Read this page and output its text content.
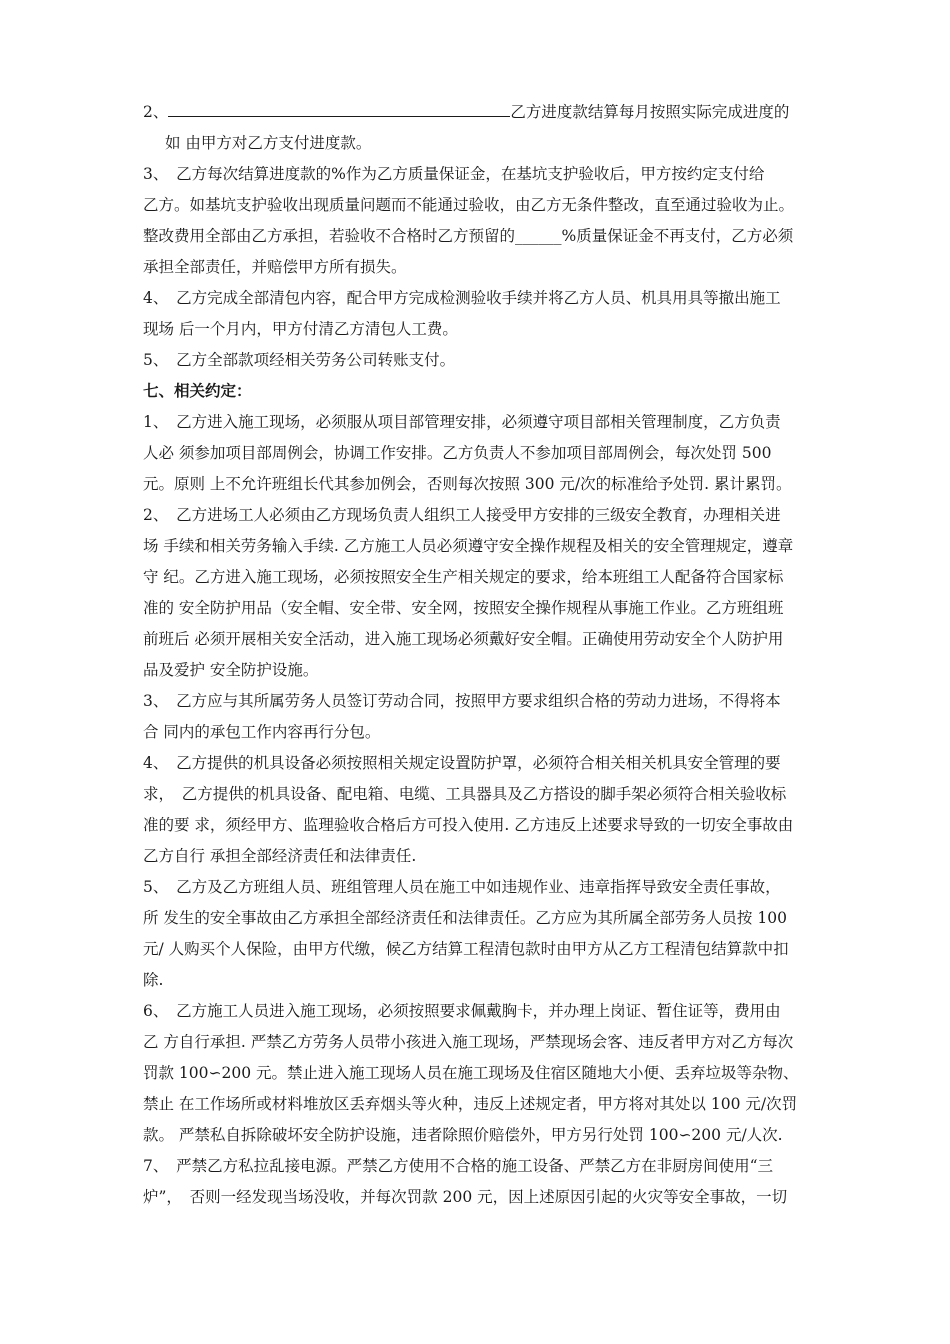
2、	乙方进度款结算每月按照实际完成进度的
如 由甲方对乙方支付进度款。
3、　乙方每次结算进度款的%作为乙方质量保证金，在基坑支护验收后，甲方按约定支付给
乙方。如基坑支护验收出现质量问题而不能通过验收，由乙方无条件整改，直至通过验收为止。
整改费用全部由乙方承担，若验收不合格时乙方预留的______%质量保证金不再支付，乙方必须
承担全部责任，并赔偿甲方所有损失。
4、　乙方完成全部清包内容，配合甲方完成检测验收手续并将乙方人员、机具用具等撤出施工
现场 后一个月内，甲方付清乙方清包人工费。
5、　乙方全部款项经相关劳务公司转账支付。
七、相关约定：
1、　乙方进入施工现场，必须服从项目部管理安排，必须遵守项目部相关管理制度，乙方负责
人必 须参加项目部周例会，协调工作安排。乙方负责人不参加项目部周例会，每次处罚 500
元。原则 上不允许班组长代其参加例会，否则每次按照 300 元/次的标准给予处罚. 累计累罚。
2、　乙方进场工人必须由乙方现场负责人组织工人接受甲方安排的三级安全教育，办理相关进
场 手续和相关劳务输入手续. 乙方施工人员必须遵守安全操作规程及相关的安全管理规定，遵章
守 纪。乙方进入施工现场，必须按照安全生产相关规定的要求，给本班组工人配备符合国家标
准的 安全防护用品（安全帽、安全带、安全网，按照安全操作规程从事施工作业。乙方班组班
前班后 必须开展相关安全活动，进入施工现场必须戴好安全帽。正确使用劳动安全个人防护用
品及爱护 安全防护设施。
3、　乙方应与其所属劳务人员签订劳动合同，按照甲方要求组织合格的劳动力进场，不得将本
合 同内的承包工作内容再行分包。
4、　乙方提供的机具设备必须按照相关规定设置防护罩，必须符合相关相关机具安全管理的要
求，　乙方提供的机具设备、配电箱、电缆、工具器具及乙方搭设的脚手架必须符合相关验收标
准的要 求，须经甲方、监理验收合格后方可投入使用. 乙方违反上述要求导致的一切安全事故由
乙方自行 承担全部经济责任和法律责任.
5、　乙方及乙方班组人员、班组管理人员在施工中如违规作业、违章指挥导致安全责任事故，
所 发生的安全事故由乙方承担全部经济责任和法律责任。乙方应为其所属全部劳务人员按 100
元/ 人购买个人保险，由甲方代缴，候乙方结算工程清包款时由甲方从乙方工程清包结算款中扣
除.
6、　乙方施工人员进入施工现场，必须按照要求佩戴胸卡，并办理上岗证、暂住证等，费用由
乙 方自行承担. 严禁乙方劳务人员带小孩进入施工现场，严禁现场会客、违反者甲方对乙方每次
罚款 100∽200 元。禁止进入施工现场人员在施工现场及住宿区随地大小便、丢弃垃圾等杂物、
禁止 在工作场所或材料堆放区丢弃烟头等火种，违反上述规定者，甲方将对其处以 100 元/次罚
款。 严禁私自拆除破坏安全防护设施，违者除照价赔偿外，甲方另行处罚 100∽200 元/人次.
7、　严禁乙方私拉乱接电源。严禁乙方使用不合格的施工设备、严禁乙方在非厨房间使用“三
炉”，　否则一经发现当场没收，并每次罚款 200 元，因上述原因引起的火灾等安全事故，一切
